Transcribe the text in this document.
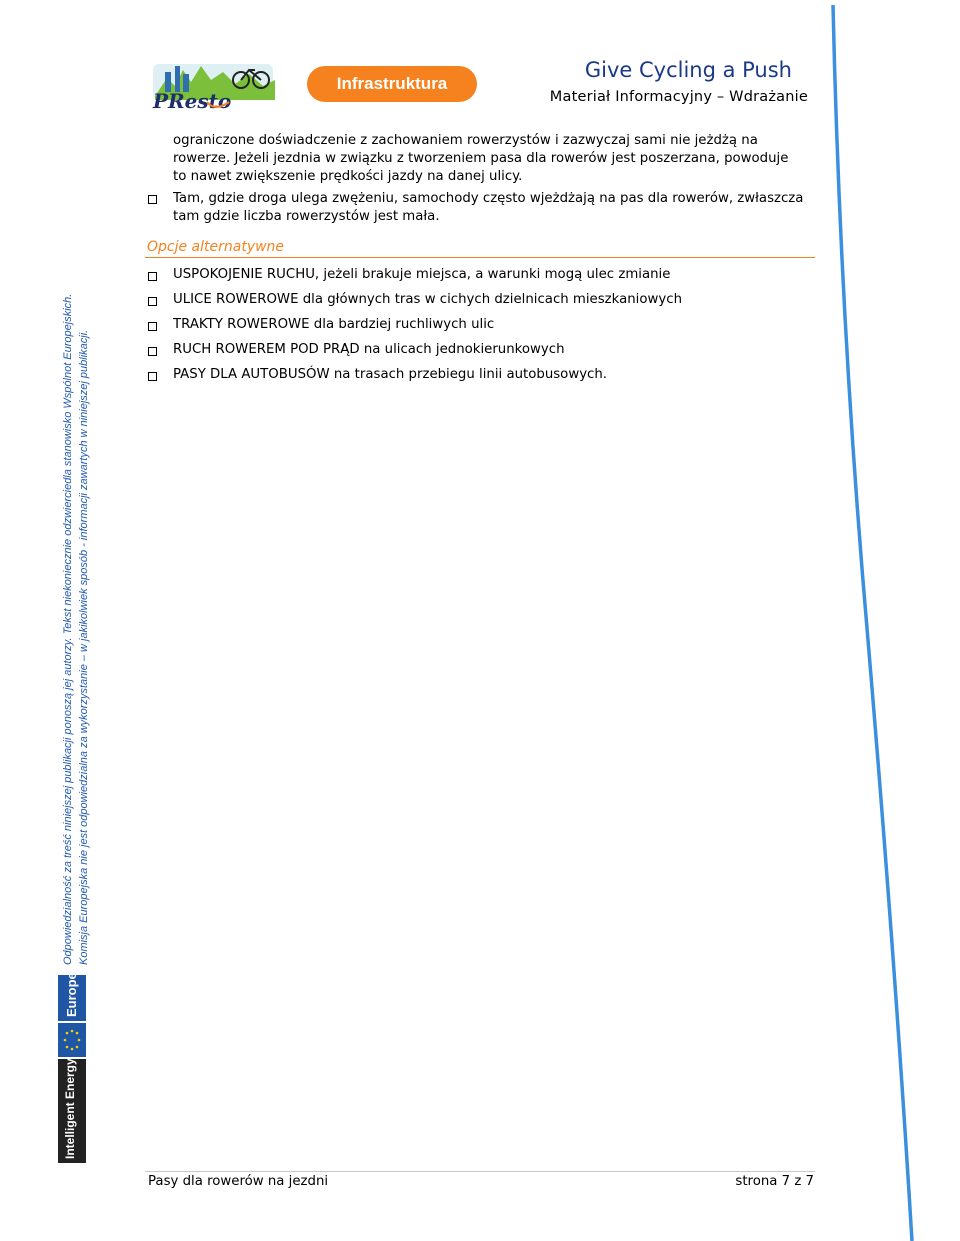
PResto
Infrastruktura
Give Cycling a Push
Materiał Informacyjny – Wdrażanie
ograniczone doświadczenie z zachowaniem rowerzystów i zazwyczaj sami nie jeżdżą na
rowerze. Jeżeli jezdnia w związku z tworzeniem pasa dla rowerów jest poszerzana, powoduje
to nawet zwiększenie prędkości jazdy na danej ulicy.
Tam, gdzie droga ulega zwężeniu, samochody często wjeżdżają na pas dla rowerów, zwłaszcza
tam gdzie liczba rowerzystów jest mała.
Opcje alternatywne
USPOKOJENIE RUCHU, jeżeli brakuje miejsca, a warunki mogą ulec zmianie
ULICE ROWEROWE dla głównych tras w cichych dzielnicach mieszkaniowych
TRAKTY ROWEROWE dla bardziej ruchliwych ulic
RUCH ROWEREM POD PRĄD na ulicach jednokierunkowych
PASY DLA AUTOBUSÓW na trasach przebiegu linii autobusowych.
Odpowiedzialność za treść niniejszej publikacji ponoszą jej autorzy. Tekst niekoniecznie odzwierciedla stanowisko Wspólnot Europejskich. Komisja Europejska nie jest odpowiedzialna za wykorzystanie – w jakikolwiek sposób - informacji zawartych w niniejszej publikacji.
Europe
Intelligent Energy
Pasy dla rowerów na jezdni	strona 7 z 7
